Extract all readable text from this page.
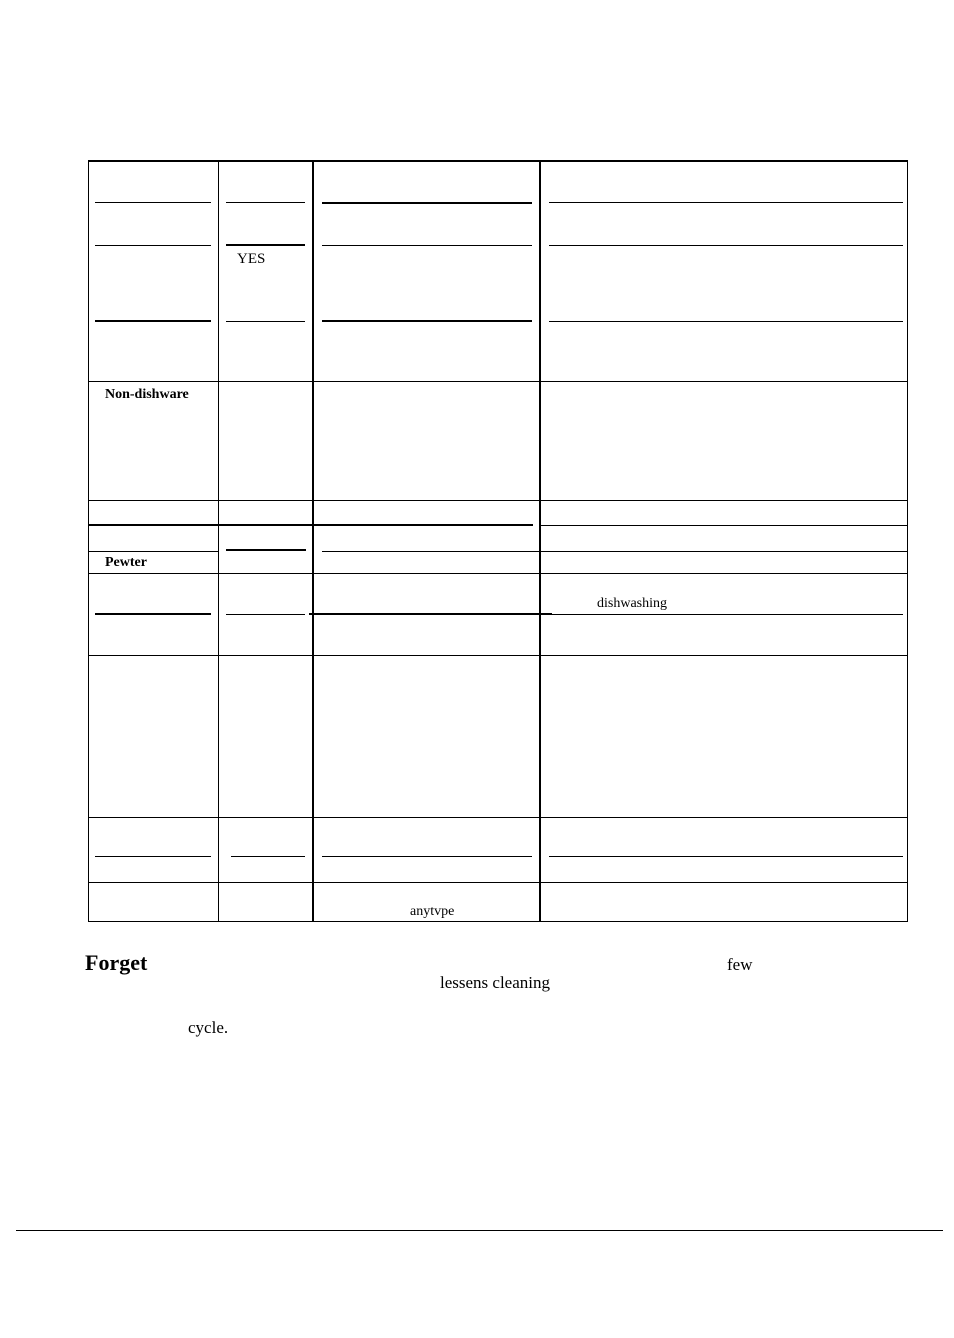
YES
Non-dishware
Pewter
dishwashing
anytvpe
Forget	few
lessens cleaning
cycle.
